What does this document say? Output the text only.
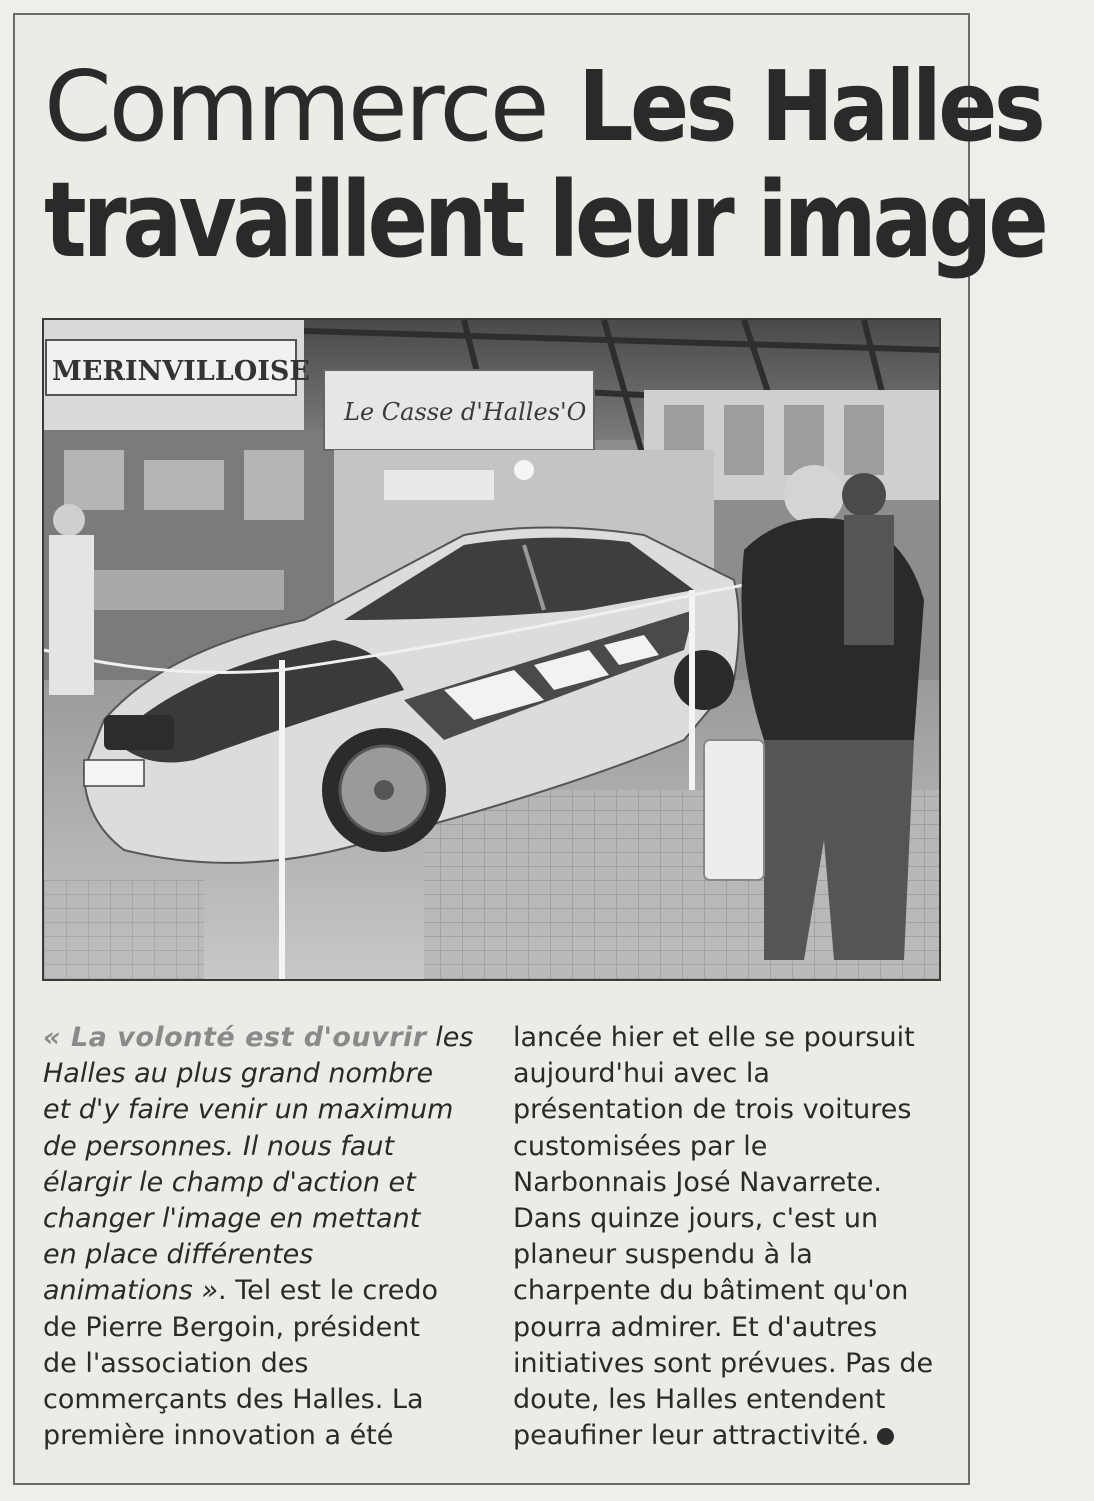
Commerce Les Halles
travaillent leur image
MERINVILLOISE
Le Casse d'Halles'O

« La volonté est d'ouvrir les

Halles au plus grand nombre

et d'y faire venir un maximum

de personnes. Il nous faut

élargir le champ d'action et

changer l'image en mettant

en place différentes

animations ». Tel est le credo

de Pierre Bergoin, président

de l'association des

commerçants des Halles. La

première innovation a été

lancée hier et elle se poursuit

aujourd'hui avec la

présentation de trois voitures

customisées par le

Narbonnais José Navarrete.

Dans quinze jours, c'est un

planeur suspendu à la

charpente du bâtiment qu'on

pourra admirer. Et d'autres

initiatives sont prévues. Pas de

doute, les Halles entendent

peaufiner leur attractivité.
